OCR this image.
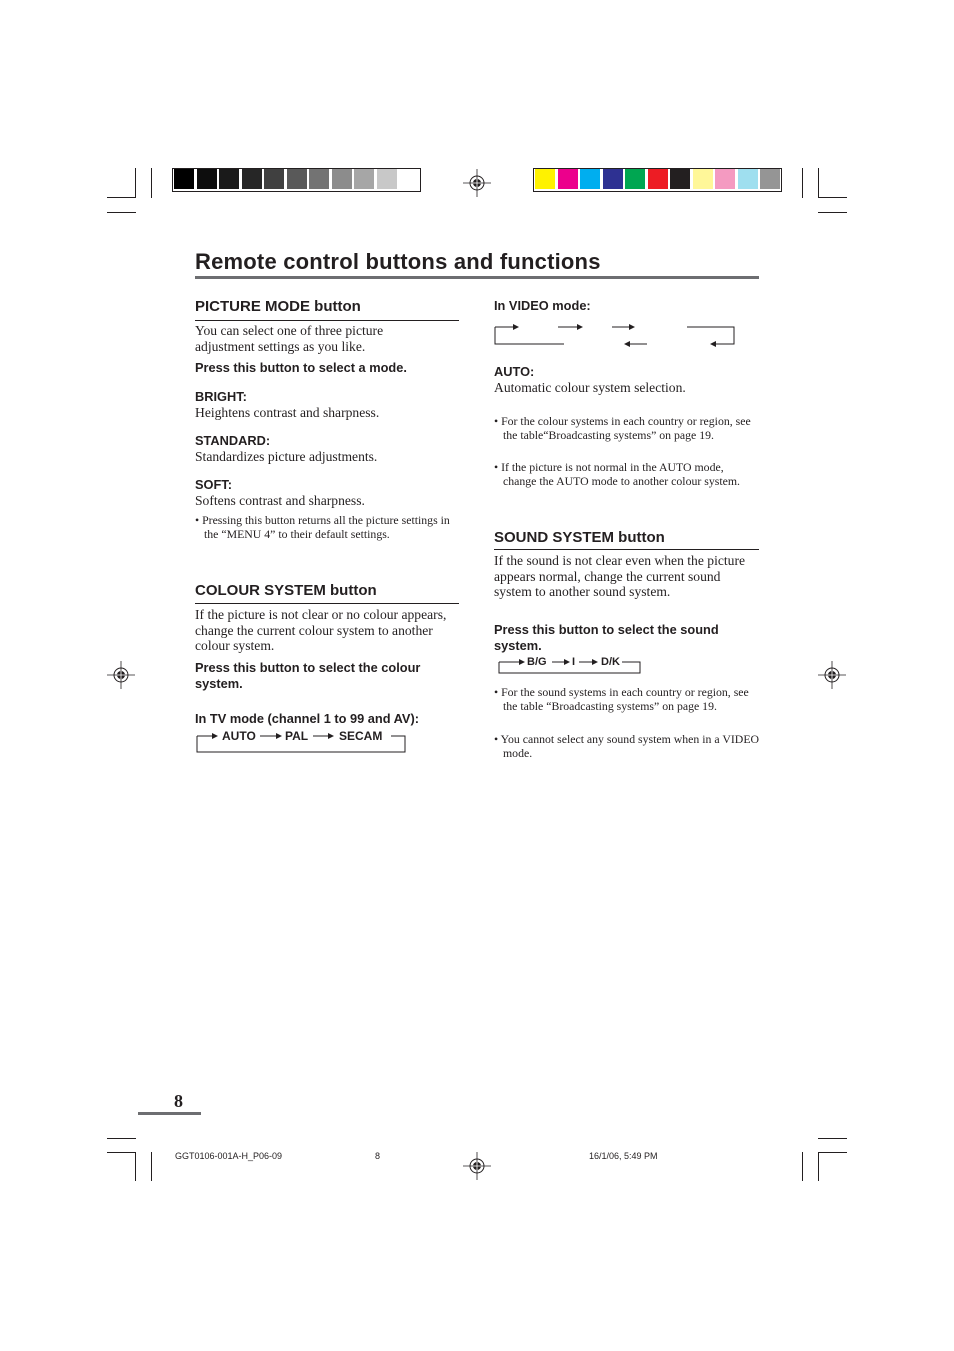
Remote control buttons and functions
PICTURE MODE button
You can select one of three picture adjustment settings as you like.
Press this button to select a mode.
BRIGHT:
Heightens contrast and sharpness.
STANDARD:
Standardizes picture adjustments.
SOFT:
Softens contrast and sharpness.
• Pressing this button returns all the picture settings in the “MENU 4” to their default settings.
COLOUR SYSTEM button
If the picture is not clear or no colour appears, change the current colour system to another colour system.
Press this button to select the colour system.
In TV mode (channel 1 to 99 and AV):
AUTO PAL	SECAM
In VIDEO mode:
AUTO:
Automatic colour system selection.
• For the colour systems in each country or region, see the table“Broadcasting systems” on page 19.
• If the picture is not normal in the AUTO mode, change the AUTO mode to another colour system.
SOUND SYSTEM button
If the sound is not clear even when the picture appears normal, change the current sound system to another sound system.
Press this button to select the sound system.
B/G I D/K
• For the sound systems in each country or region, see the table “Broadcasting systems” on page 19.
• You cannot select any sound system when in a VIDEO mode.
8
GGT0106-001A-H_P06-09	8	16/1/06, 5:49 PM
